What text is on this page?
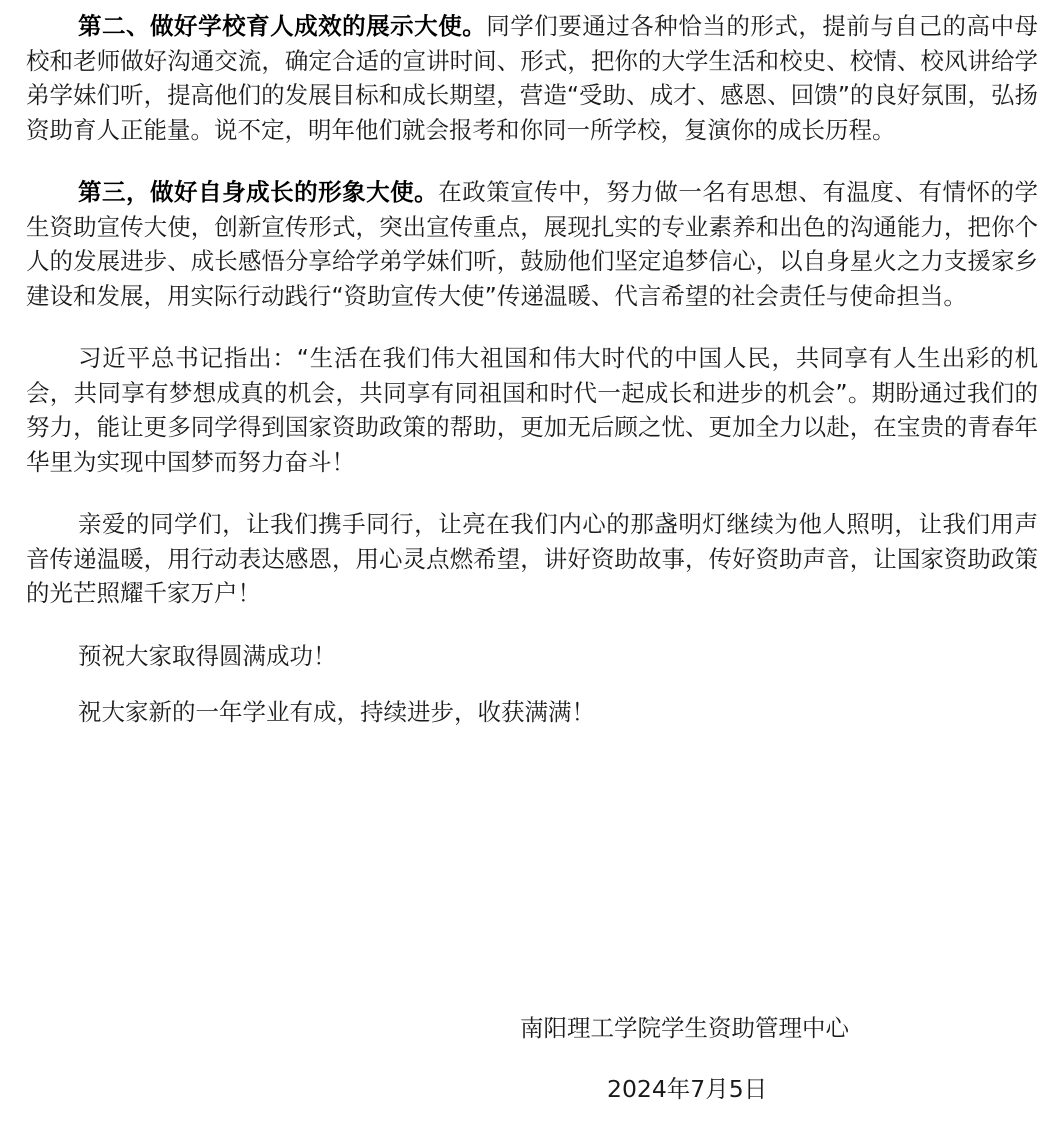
第二、做好学校育人成效的展示大使。同学们要通过各种恰当的形式，提前与自己的高中母校和老师做好沟通交流，确定合适的宣讲时间、形式，把你的大学生活和校史、校情、校风讲给学弟学妹们听，提高他们的发展目标和成长期望，营造“受助、成才、感恩、回馈”的良好氛围，弘扬资助育人正能量。说不定，明年他们就会报考和你同一所学校，复演你的成长历程。

第三，做好自身成长的形象大使。在政策宣传中，努力做一名有思想、有温度、有情怀的学生资助宣传大使，创新宣传形式，突出宣传重点，展现扎实的专业素养和出色的沟通能力，把你个人的发展进步、成长感悟分享给学弟学妹们听，鼓励他们坚定追梦信心，以自身星火之力支援家乡建设和发展，用实际行动践行“资助宣传大使”传递温暖、代言希望的社会责任与使命担当。

习近平总书记指出：“生活在我们伟大祖国和伟大时代的中国人民，共同享有人生出彩的机会，共同享有梦想成真的机会，共同享有同祖国和时代一起成长和进步的机会”。期盼通过我们的努力，能让更多同学得到国家资助政策的帮助，更加无后顾之忧、更加全力以赴，在宝贵的青春年华里为实现中国梦而努力奋斗！

亲爱的同学们，让我们携手同行，让亮在我们内心的那盏明灯继续为他人照明，让我们用声音传递温暖，用行动表达感恩，用心灵点燃希望，讲好资助故事，传好资助声音，让国家资助政策的光芒照耀千家万户！

预祝大家取得圆满成功！

祝大家新的一年学业有成，持续进步，收获满满！

南阳理工学院学生资助管理中心

2024年7月5日
